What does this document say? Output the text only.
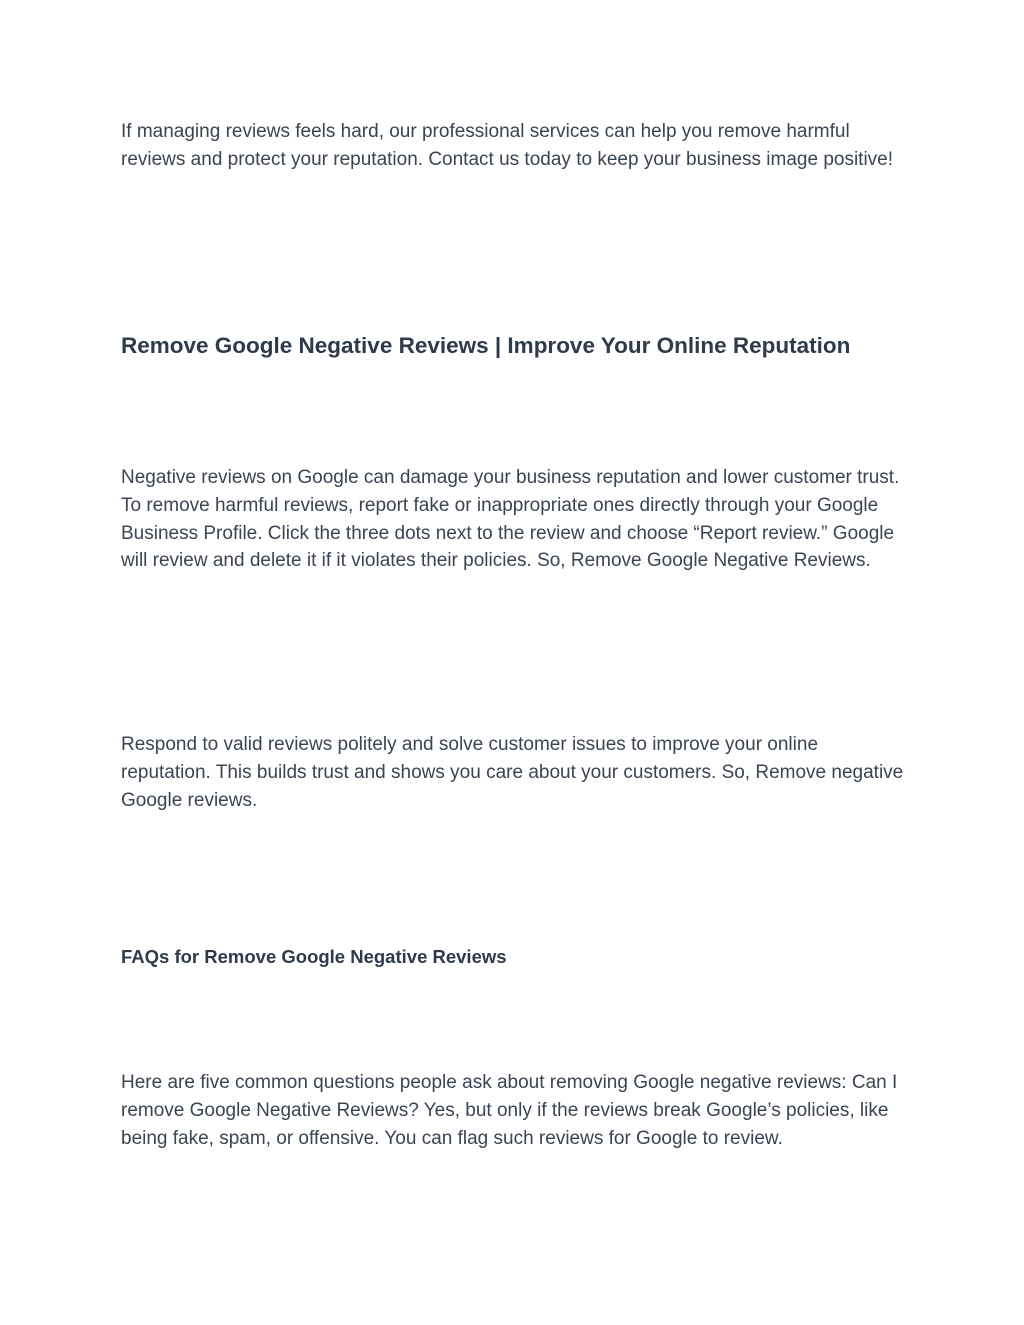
If managing reviews feels hard, our professional services can help you remove harmful reviews and protect your reputation. Contact us today to keep your business image positive!

Remove Google Negative Reviews | Improve Your Online Reputation

Negative reviews on Google can damage your business reputation and lower customer trust. To remove harmful reviews, report fake or inappropriate ones directly through your Google Business Profile. Click the three dots next to the review and choose “Report review.” Google will review and delete it if it violates their policies. So, Remove Google Negative Reviews.

Respond to valid reviews politely and solve customer issues to improve your online reputation. This builds trust and shows you care about your customers. So, Remove negative Google reviews.

FAQs for Remove Google Negative Reviews

Here are five common questions people ask about removing Google negative reviews: Can I remove Google Negative Reviews? Yes, but only if the reviews break Google’s policies, like being fake, spam, or offensive. You can flag such reviews for Google to review.
